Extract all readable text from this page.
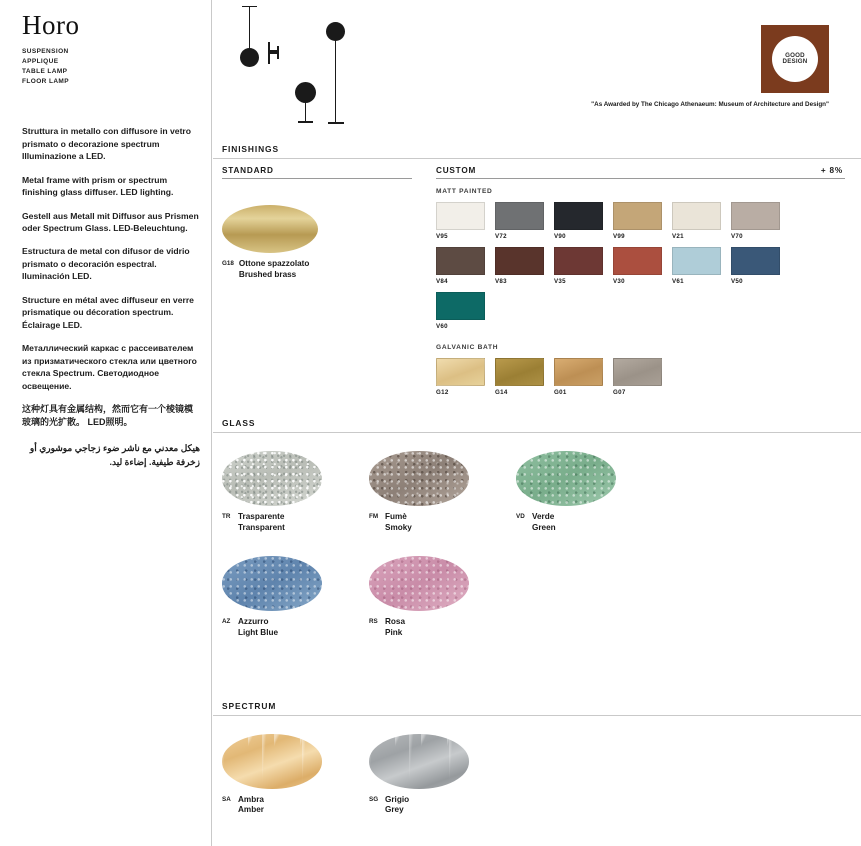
Horo
SUSPENSION
APPLIQUE
TABLE LAMP
FLOOR LAMP

Struttura in metallo con diffusore in vetro prismato o decorazione spectrum Illuminazione a LED.

Metal frame with prism or spectrum finishing glass diffuser. LED lighting.

Gestell aus Metall mit Diffusor aus Prismen oder Spectrum Glass. LED-Beleuchtung.

Estructura de metal con difusor de vidrio prismato o decoración espectral. Iluminación LED.

Structure en métal avec diffuseur en verre prismatique ou décoration spectrum. Éclairage LED.

Металлический каркас с рассеивателем из призматического стекла или цветного стекла Spectrum. Светодиодное освещение.

这种灯具有金属结构，然而它有一个棱镜模玻璃的光扩散。 LED照明。

هيكل معدني مع ناشر ضوء زجاجي موشوري أو زخرفة طيفية. إضاءة ليد.

GOOD
DESIGN
"As Awarded by The Chicago Athenaeum: Museum of Architecture and Design"
FINISHINGS
STANDARD
G18 Ottone spazzolato
Brushed brass
CUSTOM	+ 8%
MATT PAINTED
V95	V72	V90	V99	V21	V70
V84	V83	V35	V30	V61	V50
V60
GALVANIC BATH
G12	G14	G01	G07
GLASS
TR Trasparente
Transparent
FM Fumè
Smoky
VD Verde
Green
AZ Azzurro
Light Blue
RS Rosa
Pink
SPECTRUM
SA Ambra
Amber
SG Grigio
Grey
